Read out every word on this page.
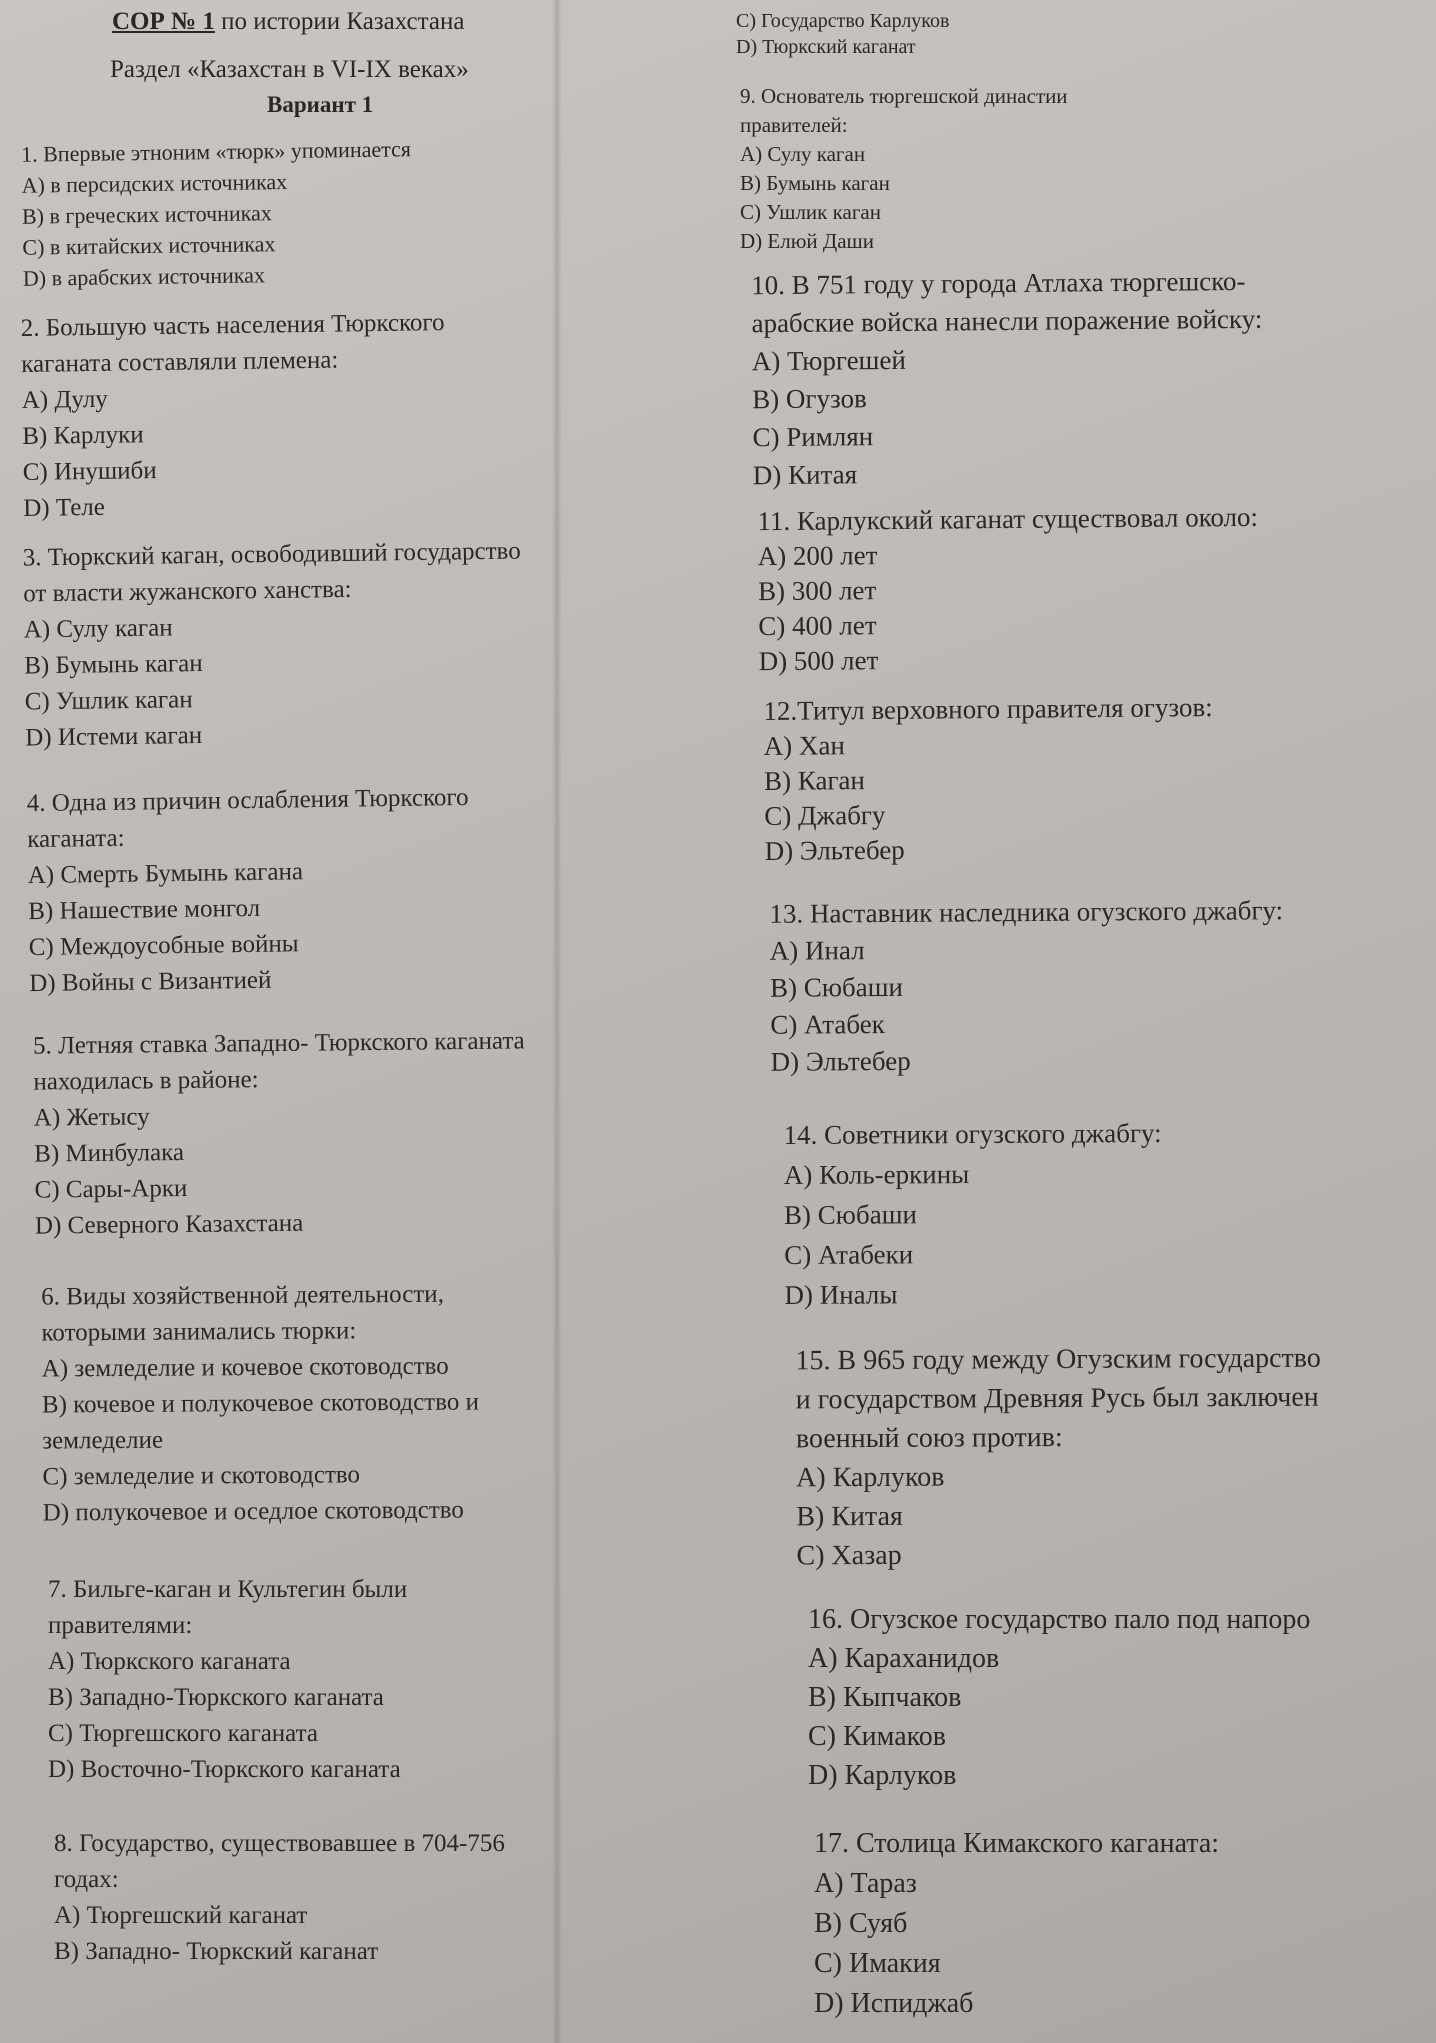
СОР № 1 по истории Казахстана
Раздел «Казахстан в VI-IX веках»
Вариант 1
1. Впервые этноним «тюрк» упоминается
A) в персидских источниках
B) в греческих источниках
C) в китайских источниках
D) в арабских источниках
2. Большую часть населения Тюркского
каганата составляли племена:
A) Дулу
B) Карлуки
C) Инушиби
D) Теле
3. Тюркский каган, освободивший государство
от власти жужанского ханства:
A) Сулу каган
B) Бумынь каган
C) Ушлик каган
D) Истеми каган
4. Одна из причин ослабления Тюркского
каганата:
A) Смерть Бумынь кагана
B) Нашествие монгол
C) Междоусобные войны
D) Войны с Византией
5. Летняя ставка Западно- Тюркского каганата
находилась в районе:
A) Жетысу
B) Минбулака
C) Сары-Арки
D) Северного Казахстана
6. Виды хозяйственной деятельности,
которыми занимались тюрки:
A) земледелие и кочевое скотоводство
B) кочевое и полукочевое скотоводство и
земледелие
C) земледелие и скотоводство
D) полукочевое и оседлое скотоводство
7. Бильге-каган и Культегин были
правителями:
A) Тюркского каганата
B) Западно-Тюркского каганата
C) Тюргешского каганата
D) Восточно-Тюркского каганата
8. Государство, существовавшее в 704-756
годах:
A) Тюргешский каганат
B) Западно- Тюркский каганат
C) Государство Карлуков
D) Тюркский каганат
9. Основатель тюргешской династии
правителей:
A) Сулу каган
B) Бумынь каган
C) Ушлик каган
D) Елюй Даши
10. В 751 году у города Атлаха тюргешско-
арабские войска нанесли поражение войску:
A) Тюргешей
B) Огузов
C) Римлян
D) Китая
11. Карлукский каганат существовал около:
A) 200 лет
B) 300 лет
C) 400 лет
D) 500 лет
12.Титул верховного правителя огузов:
A) Хан
B) Каган
C) Джабгу
D) Эльтебер
13. Наставник наследника огузского джабгу:
A) Инал
B) Сюбаши
C) Атабек
D) Эльтебер
14. Советники огузского джабгу:
A) Коль-еркины
B) Сюбаши
C) Атабеки
D) Иналы
15. В 965 году между Огузским государство
и государством Древняя Русь был заключен
военный союз против:
A) Карлуков
B) Китая
C) Хазар
16. Огузское государство пало под напоро
A) Караханидов
B) Кыпчаков
C) Кимаков
D) Карлуков
17. Столица Кимакского каганата:
A) Тараз
B) Суяб
C) Имакия
D) Испиджаб
